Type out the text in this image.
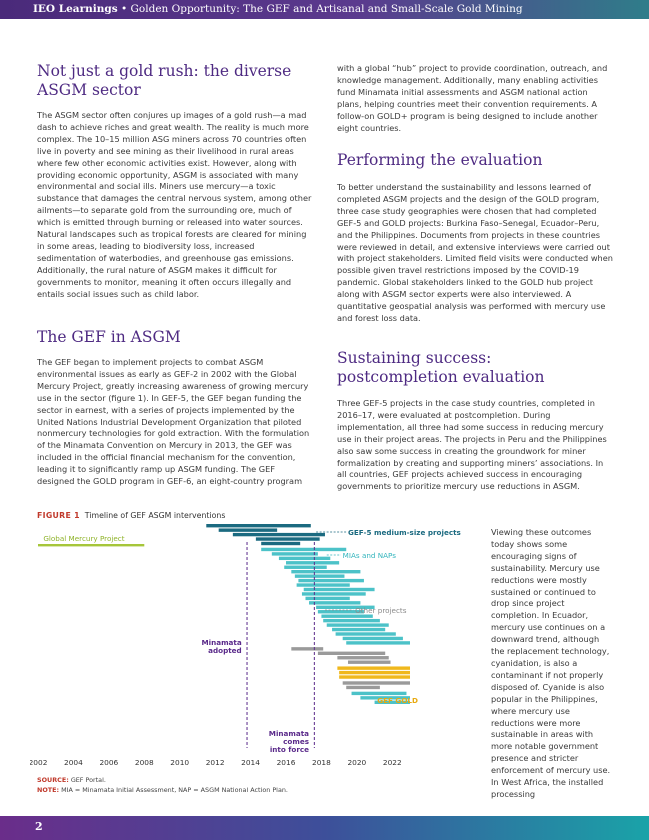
IEO Learnings • Golden Opportunity: The GEF and Artisanal and Small-Scale Gold Mining
Not just a gold rush: the diverse ASGM sector

The ASGM sector often conjures up images of a gold rush—a mad dash to achieve riches and great wealth. The reality is much more complex. The 10–15 million ASG miners across 70 countries often live in poverty and see mining as their livelihood in rural areas where few other economic activities exist. However, along with providing economic opportunity, ASGM is associated with many environmental and social ills. Miners use mercury—a toxic substance that damages the central nervous system, among other ailments—to separate gold from the surrounding ore, much of which is emitted through burning or released into water sources. Natural landscapes such as tropical forests are cleared for mining in some areas, leading to biodiversity loss, increased sedimentation of waterbodies, and greenhouse gas emissions. Additionally, the rural nature of ASGM makes it difficult for governments to monitor, meaning it often occurs illegally and entails social issues such as child labor.

The GEF in ASGM

The GEF began to implement projects to combat ASGM environmental issues as early as GEF-2 in 2002 with the Global Mercury Project, greatly increasing awareness of growing mercury use in the sector (figure 1). In GEF-5, the GEF began funding the sector in earnest, with a series of projects implemented by the United Nations Industrial Development Organization that piloted nonmercury technologies for gold extraction. With the formulation of the Minamata Convention on Mercury in 2013, the GEF was included in the official financial mechanism for the convention, leading it to significantly ramp up ASGM funding. The GEF designed the GOLD program in GEF-6, an eight-country program

with a global “hub” project to provide coordination, outreach, and knowledge management. Additionally, many enabling activities fund Minamata initial assessments and ASGM national action plans, helping countries meet their convention requirements. A follow-on GOLD+ program is being designed to include another eight countries.

Performing the evaluation

To better understand the sustainability and lessons learned of completed ASGM projects and the design of the GOLD program, three case study geographies were chosen that had completed GEF-5 and GOLD projects: Burkina Faso–Senegal, Ecuador–Peru, and the Philippines. Documents from projects in these countries were reviewed in detail, and extensive interviews were carried out with project stakeholders. Limited field visits were conducted when possible given travel restrictions imposed by the COVID-19 pandemic. Global stakeholders linked to the GOLD hub project along with ASGM sector experts were also interviewed. A quantitative geospatial analysis was performed with mercury use and forest loss data.

Sustaining success: postcompletion evaluation

Three GEF-5 projects in the case study countries, completed in 2016–17, were evaluated at postcompletion. During implementation, all three had some success in reducing mercury use in their project areas. The projects in Peru and the Philippines also saw some success in creating the groundwork for miner formalization by creating and supporting miners’ associations. In all countries, GEF projects achieved success in encouraging governments to prioritize mercury use reductions in ASGM.

Viewing these outcomes today shows some encouraging signs of sustainability. Mercury use reductions were mostly sustained or continued to drop since project completion. In Ecuador, mercury use continues on a downward trend, although the replacement technology, cyanidation, is also a contaminant if not properly disposed of. Cyanide is also popular in the Philippines, where mercury use reductions were more sustainable in areas with more notable government presence and stricter enforcement of mercury use. In West Africa, the installed processing

FIGURE 1 Timeline of GEF ASGM interventions
2002 2004 2006 2008 2010 2012 2014 2016 2018 2020 2022
GEF-5 medium-size projects
MIAs and NAPs
Other projects
GEF GOLD
Global Mercury Project
Minamata
adopted
Minamata
comes
into force
SOURCE: GEF Portal.
NOTE: MIA = Minamata Initial Assessment, NAP = ASGM National Action Plan.
2
